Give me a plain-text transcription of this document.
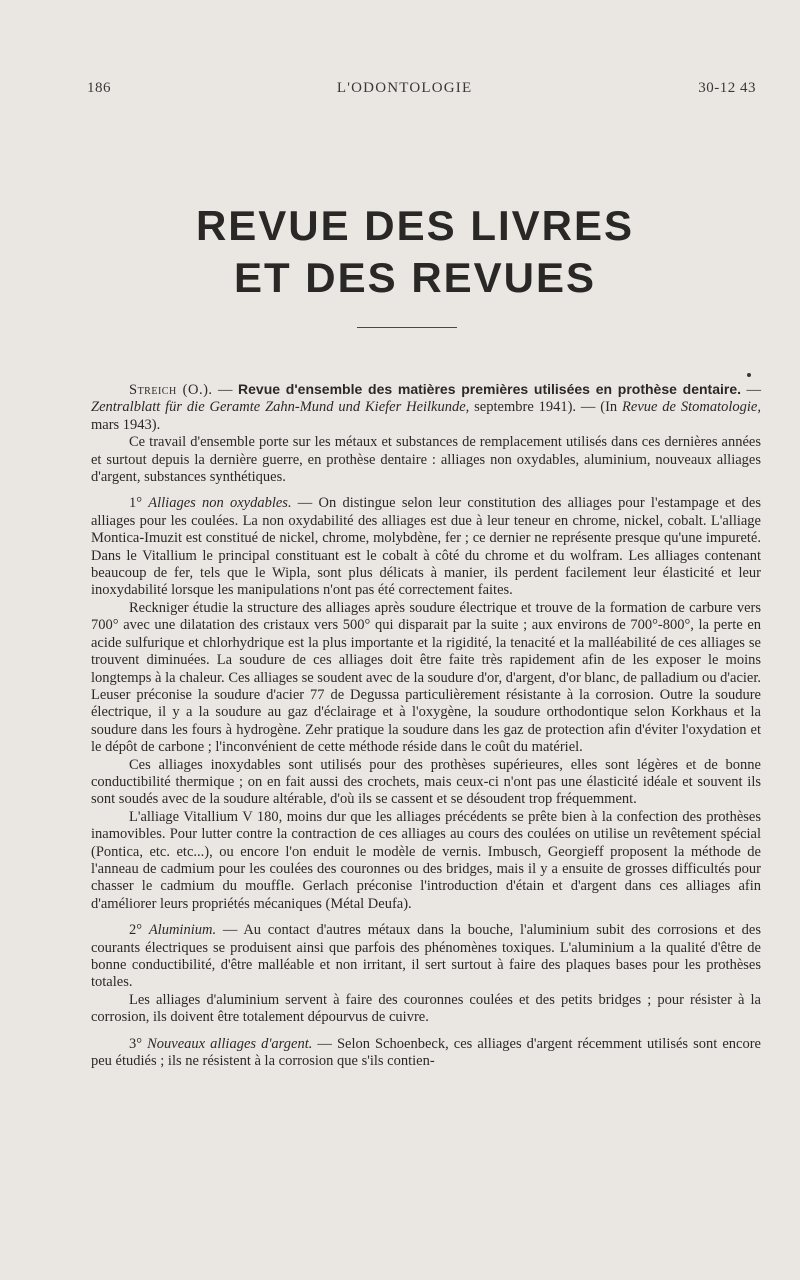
186	L'ODONTOLOGIE	30-12 43
REVUE DES LIVRES
ET DES REVUES

Streich (O.). — Revue d'ensemble des matières premières utilisées en prothèse dentaire. — Zentralblatt für die Geramte Zahn-Mund und Kiefer Heilkunde, septembre 1941). — (In Revue de Stomatologie, mars 1943).

Ce travail d'ensemble porte sur les métaux et substances de remplacement utilisés dans ces dernières années et surtout depuis la dernière guerre, en prothèse dentaire : alliages non oxydables, aluminium, nouveaux alliages d'argent, substances synthétiques.

1° Alliages non oxydables. — On distingue selon leur constitution des alliages pour l'estampage et des alliages pour les coulées. La non oxydabilité des alliages est due à leur teneur en chrome, nickel, cobalt. L'alliage Montica-Imuzit est constitué de nickel, chrome, molybdène, fer ; ce dernier ne représente presque qu'une impureté. Dans le Vitallium le principal constituant est le cobalt à côté du chrome et du wolfram. Les alliages contenant beaucoup de fer, tels que le Wipla, sont plus délicats à manier, ils perdent facilement leur élasticité et leur inoxydabilité lorsque les manipulations n'ont pas été correctement faites.

Reckniger étudie la structure des alliages après soudure électrique et trouve de la formation de carbure vers 700° avec une dilatation des cristaux vers 500° qui disparait par la suite ; aux environs de 700°-800°, la perte en acide sulfurique et chlorhydrique est la plus importante et la rigidité, la tenacité et la malléabilité de ces alliages se trouvent diminuées. La soudure de ces alliages doit être faite très rapidement afin de les exposer le moins longtemps à la chaleur. Ces alliages se soudent avec de la soudure d'or, d'argent, d'or blanc, de palladium ou d'acier. Leuser préconise la soudure d'acier 77 de Degussa particulièrement résistante à la corrosion. Outre la soudure électrique, il y a la soudure au gaz d'éclairage et à l'oxygène, la soudure orthodontique selon Korkhaus et la soudure dans les fours à hydrogène. Zehr pratique la soudure dans les gaz de protection afin d'éviter l'oxydation et le dépôt de carbone ; l'inconvénient de cette méthode réside dans le coût du matériel.

Ces alliages inoxydables sont utilisés pour des prothèses supérieures, elles sont légères et de bonne conductibilité thermique ; on en fait aussi des crochets, mais ceux-ci n'ont pas une élasticité idéale et souvent ils sont soudés avec de la soudure altérable, d'où ils se cassent et se désoudent trop fréquemment.

L'alliage Vitallium V 180, moins dur que les alliages précédents se prête bien à la confection des prothèses inamovibles. Pour lutter contre la contraction de ces alliages au cours des coulées on utilise un revêtement spécial (Pontica, etc. etc...), ou encore l'on enduit le modèle de vernis. Imbusch, Georgieff proposent la méthode de l'anneau de cadmium pour les coulées des couronnes ou des bridges, mais il y a ensuite de grosses difficultés pour chasser le cadmium du mouffle. Gerlach préconise l'introduction d'étain et d'argent dans ces alliages afin d'améliorer leurs propriétés mécaniques (Métal Deufa).

2° Aluminium. — Au contact d'autres métaux dans la bouche, l'aluminium subit des corrosions et des courants électriques se produisent ainsi que parfois des phénomènes toxiques. L'aluminium a la qualité d'être de bonne conductibilité, d'être malléable et non irritant, il sert surtout à faire des plaques bases pour les prothèses totales.

Les alliages d'aluminium servent à faire des couronnes coulées et des petits bridges ; pour résister à la corrosion, ils doivent être totalement dépourvus de cuivre.

3° Nouveaux alliages d'argent. — Selon Schoenbeck, ces alliages d'argent récemment utilisés sont encore peu étudiés ; ils ne résistent à la corrosion que s'ils contien-
